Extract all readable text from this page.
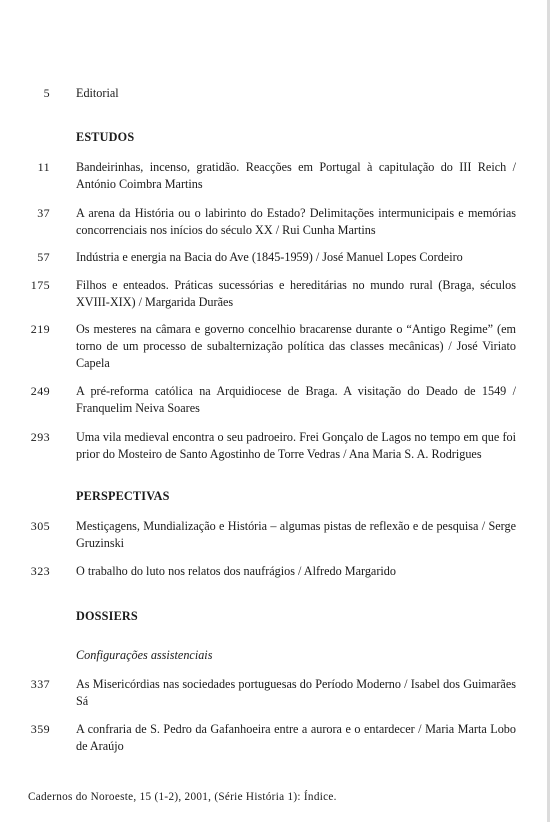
5 Editorial
ESTUDOS
11 Bandeirinhas, incenso, gratidão. Reacções em Portugal à capitulação do III Reich / António Coimbra Martins
37 A arena da História ou o labirinto do Estado? Delimitações intermunicipais e memórias concorrenciais nos inícios do século XX / Rui Cunha Martins
57 Indústria e energia na Bacia do Ave (1845-1959) / José Manuel Lopes Cordeiro
175 Filhos e enteados. Práticas sucessórias e hereditárias no mundo rural (Braga, séculos XVIII-XIX) / Margarida Durães
219 Os mesteres na câmara e governo concelhio bracarense durante o “Antigo Regime” (em torno de um processo de subalternização política das classes mecânicas) / José Viriato Capela
249 A pré-reforma católica na Arquidiocese de Braga. A visitação do Deado de 1549 / Franquelim Neiva Soares
293 Uma vila medieval encontra o seu padroeiro. Frei Gonçalo de Lagos no tempo em que foi prior do Mosteiro de Santo Agostinho de Torre Vedras / Ana Maria S. A. Rodrigues
PERSPECTIVAS
305 Mestiçagens, Mundialização e História – algumas pistas de reflexão e de pesquisa / Serge Gruzinski
323 O trabalho do luto nos relatos dos naufrágios / Alfredo Margarido
DOSSIERS
Configurações assistenciais
337 As Misericórdias nas sociedades portuguesas do Período Moderno / Isabel dos Guimarães Sá
359 A confraria de S. Pedro da Gafanhoeira entre a aurora e o entardecer / Maria Marta Lobo de Araújo
Cadernos do Noroeste, 15 (1-2), 2001, (Série História 1): Índice.
